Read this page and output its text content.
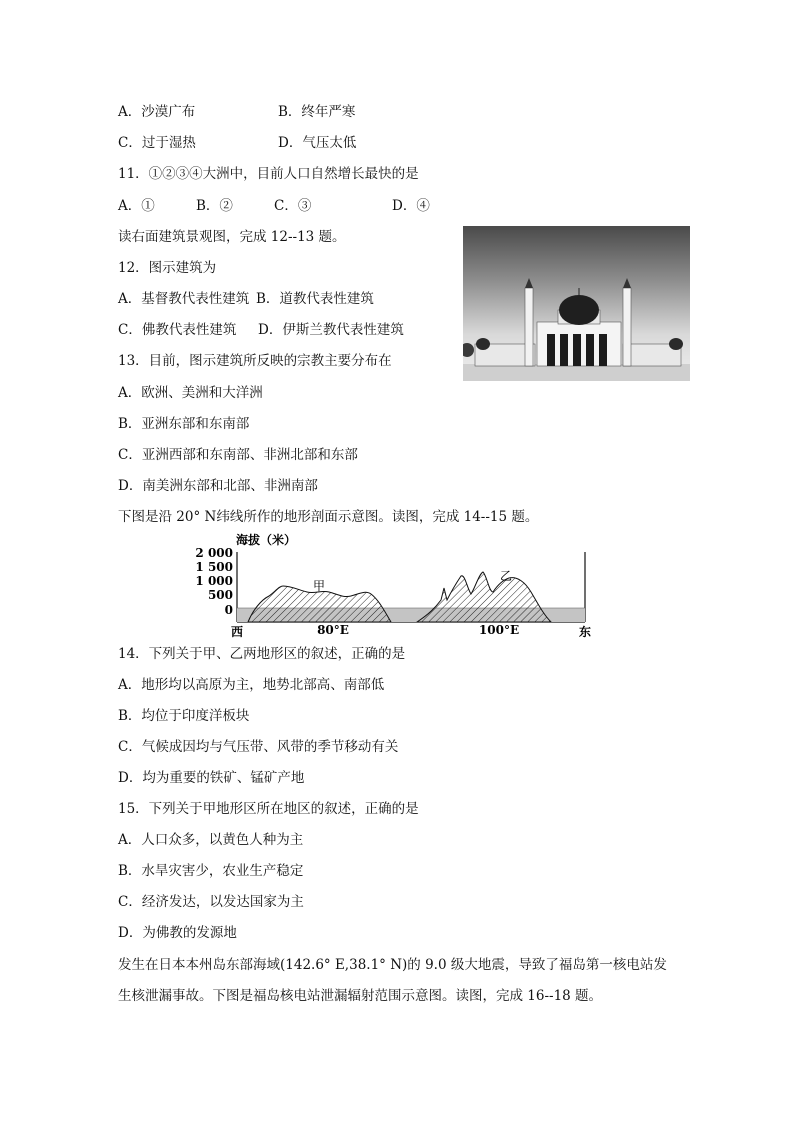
A．沙漠广布	B．终年严寒
C．过于湿热	D．气压太低
11．①②③④大洲中，目前人口自然增长最快的是
A．①	B．②	C．③	D．④
读右面建筑景观图，完成 12--13 题。
12．图示建筑为
A．基督教代表性建筑 B．道教代表性建筑
C．佛教代表性建筑 D．伊斯兰教代表性建筑
13．目前，图示建筑所反映的宗教主要分布在
A．欧洲、美洲和大洋洲
B．亚洲东部和东南部
C．亚洲西部和东南部、非洲北部和东部
D．南美洲东部和北部、非洲南部
下图是沿 20° N纬线所作的地形剖面示意图。读图，完成 14--15 题。
海拔（米）
2 000
1 500
1 000
500
0
甲
乙
西	80°E	100°E	东
14．下列关于甲、乙两地形区的叙述，正确的是
A．地形均以高原为主，地势北部高、南部低
B．均位于印度洋板块
C．气候成因均与气压带、风带的季节移动有关
D．均为重要的铁矿、锰矿产地
15．下列关于甲地形区所在地区的叙述，正确的是
A．人口众多，以黄色人种为主
B．水旱灾害少，农业生产稳定
C．经济发达，以发达国家为主
D．为佛教的发源地
发生在日本本州岛东部海域(142.6° E,38.1° N)的 9.0 级大地震，导致了福岛第一核电站发
生核泄漏事故。下图是福岛核电站泄漏辐射范围示意图。读图，完成 16--18 题。
